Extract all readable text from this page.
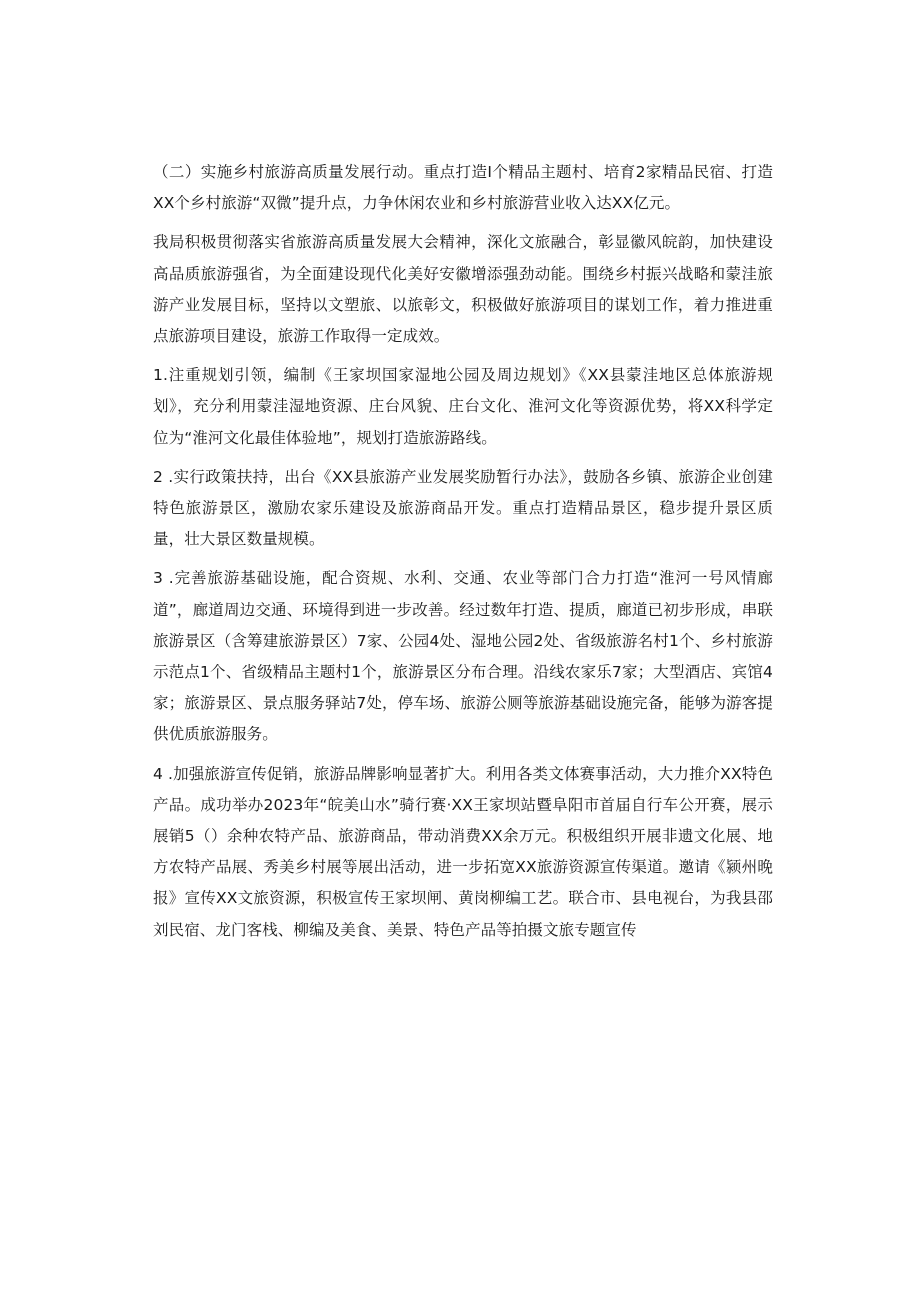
（二）实施乡村旅游高质量发展行动。重点打造I个精品主题村、培育2家精品民宿、打造XX个乡村旅游“双微”提升点，力争休闲农业和乡村旅游营业收入达XX亿元。

我局积极贯彻落实省旅游高质量发展大会精神，深化文旅融合，彰显徽风皖韵，加快建设高品质旅游强省，为全面建设现代化美好安徽增添强劲动能。围绕乡村振兴战略和蒙洼旅游产业发展目标，坚持以文塑旅、以旅彰文，积极做好旅游项目的谋划工作，着力推进重点旅游项目建设，旅游工作取得一定成效。

1.注重规划引领，编制《王家坝国家湿地公园及周边规划》《XX县蒙洼地区总体旅游规划》，充分利用蒙洼湿地资源、庄台风貌、庄台文化、淮河文化等资源优势，将XX科学定位为“淮河文化最佳体验地”，规划打造旅游路线。

2 .实行政策扶持，出台《XX县旅游产业发展奖励暂行办法》，鼓励各乡镇、旅游企业创建特色旅游景区，激励农家乐建设及旅游商品开发。重点打造精品景区，稳步提升景区质量，壮大景区数量规模。

3 .完善旅游基础设施，配合资规、水利、交通、农业等部门合力打造“淮河一号风情廊道”，廊道周边交通、环境得到进一步改善。经过数年打造、提质，廊道已初步形成，串联旅游景区（含筹建旅游景区）7家、公园4处、湿地公园2处、省级旅游名村1个、乡村旅游示范点1个、省级精品主题村1个，旅游景区分布合理。沿线农家乐7家；大型酒店、宾馆4家；旅游景区、景点服务驿站7处，停车场、旅游公厕等旅游基础设施完备，能够为游客提供优质旅游服务。

4 .加强旅游宣传促销，旅游品牌影响显著扩大。利用各类文体赛事活动，大力推介XX特色产品。成功举办2023年“皖美山水”骑行赛·XX王家坝站暨阜阳市首届自行车公开赛，展示展销5（）余种农特产品、旅游商品，带动消费XX余万元。积极组织开展非遗文化展、地方农特产品展、秀美乡村展等展出活动，进一步拓宽XX旅游资源宣传渠道。邀请《颍州晚报》宣传XX文旅资源，积极宣传王家坝闸、黄岗柳编工艺。联合市、县电视台，为我县邵刘民宿、龙门客栈、柳编及美食、美景、特色产品等拍摄文旅专题宣传
